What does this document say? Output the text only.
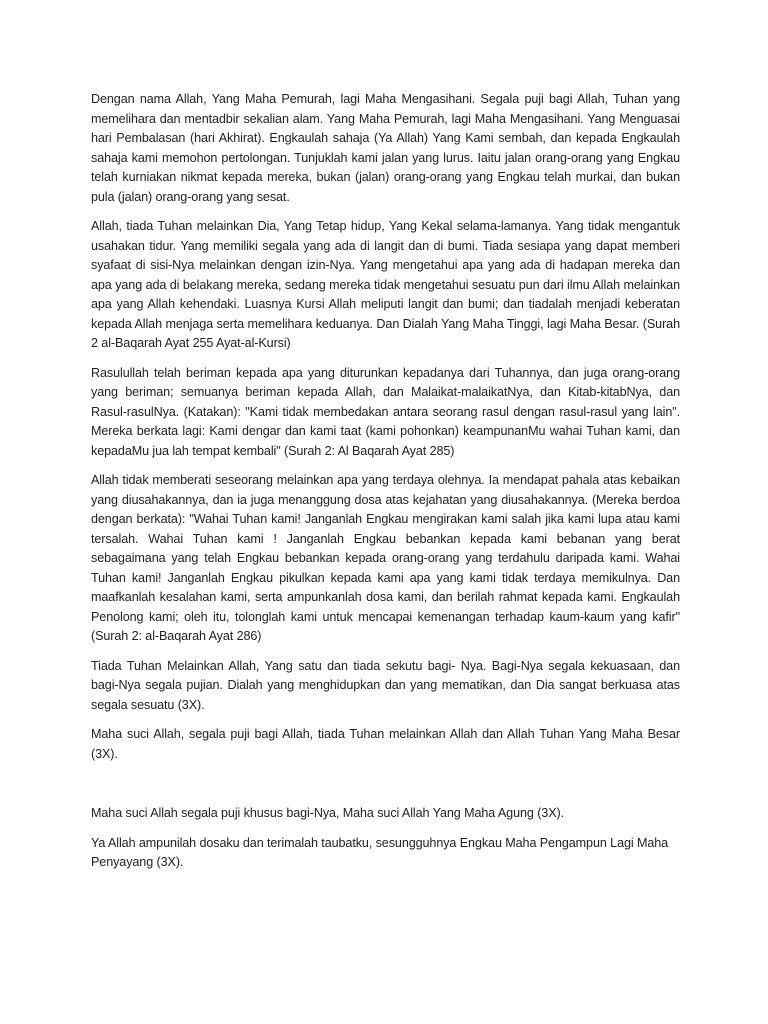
Dengan nama Allah, Yang Maha Pemurah, lagi Maha Mengasihani. Segala puji bagi Allah, Tuhan yang memelihara dan mentadbir sekalian alam. Yang Maha Pemurah, lagi Maha Mengasihani. Yang Menguasai hari Pembalasan (hari Akhirat). Engkaulah sahaja (Ya Allah) Yang Kami sembah, dan kepada Engkaulah sahaja kami memohon pertolongan. Tunjuklah kami jalan yang lurus. Iaitu jalan orang-orang yang Engkau telah kurniakan nikmat kepada mereka, bukan (jalan) orang-orang yang Engkau telah murkai, dan bukan pula (jalan) orang-orang yang sesat.

Allah, tiada Tuhan melainkan Dia, Yang Tetap hidup, Yang Kekal selama-lamanya. Yang tidak mengantuk usahakan tidur. Yang memiliki segala yang ada di langit dan di bumi. Tiada sesiapa yang dapat memberi syafaat di sisi-Nya melainkan dengan izin-Nya. Yang mengetahui apa yang ada di hadapan mereka dan apa yang ada di belakang mereka, sedang mereka tidak mengetahui sesuatu pun dari ilmu Allah melainkan apa yang Allah kehendaki. Luasnya Kursi Allah meliputi langit dan bumi; dan tiadalah menjadi keberatan kepada Allah menjaga serta memelihara keduanya. Dan Dialah Yang Maha Tinggi, lagi Maha Besar. (Surah 2 al-Baqarah Ayat 255 Ayat-al-Kursi)

Rasulullah telah beriman kepada apa yang diturunkan kepadanya dari Tuhannya, dan juga orang-orang yang beriman; semuanya beriman kepada Allah, dan Malaikat-malaikatNya, dan Kitab-kitabNya, dan Rasul-rasulNya. (Katakan): "Kami tidak membedakan antara seorang rasul dengan rasul-rasul yang lain". Mereka berkata lagi: Kami dengar dan kami taat (kami pohonkan) keampunanMu wahai Tuhan kami, dan kepadaMu jua lah tempat kembali" (Surah 2: Al Baqarah Ayat 285)

Allah tidak memberati seseorang melainkan apa yang terdaya olehnya. Ia mendapat pahala atas kebaikan yang diusahakannya, dan ia juga menanggung dosa atas kejahatan yang diusahakannya. (Mereka berdoa dengan berkata): "Wahai Tuhan kami! Janganlah Engkau mengirakan kami salah jika kami lupa atau kami tersalah. Wahai Tuhan kami ! Janganlah Engkau bebankan kepada kami bebanan yang berat sebagaimana yang telah Engkau bebankan kepada orang-orang yang terdahulu daripada kami. Wahai Tuhan kami! Janganlah Engkau pikulkan kepada kami apa yang kami tidak terdaya memikulnya. Dan maafkanlah kesalahan kami, serta ampunkanlah dosa kami, dan berilah rahmat kepada kami. Engkaulah Penolong kami; oleh itu, tolonglah kami untuk mencapai kemenangan terhadap kaum-kaum yang kafir" (Surah 2: al-Baqarah Ayat 286)

Tiada Tuhan Melainkan Allah, Yang satu dan tiada sekutu bagi- Nya. Bagi-Nya segala kekuasaan, dan bagi-Nya segala pujian. Dialah yang menghidupkan dan yang mematikan, dan Dia sangat berkuasa atas segala sesuatu (3X).

Maha suci Allah, segala puji bagi Allah, tiada Tuhan melainkan Allah dan Allah Tuhan Yang Maha Besar (3X).

Maha suci Allah segala puji khusus bagi-Nya, Maha suci Allah Yang Maha Agung (3X).

Ya Allah ampunilah dosaku dan terimalah taubatku, sesungguhnya Engkau Maha Pengampun Lagi Maha Penyayang (3X).
